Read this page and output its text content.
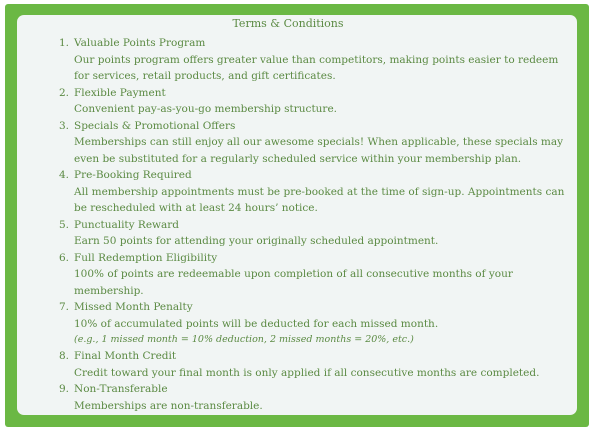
Terms & Conditions
1. Valuable Points Program
Our points program offers greater value than competitors, making points easier to redeem for services, retail products, and gift certificates.
2. Flexible Payment
Convenient pay-as-you-go membership structure.
3. Specials & Promotional Offers
Memberships can still enjoy all our awesome specials! When applicable, these specials may even be substituted for a regularly scheduled service within your membership plan.
4. Pre-Booking Required
All membership appointments must be pre-booked at the time of sign-up. Appointments can be rescheduled with at least 24 hours’ notice.
5. Punctuality Reward
Earn 50 points for attending your originally scheduled appointment.
6. Full Redemption Eligibility
100% of points are redeemable upon completion of all consecutive months of your membership.
7. Missed Month Penalty
10% of accumulated points will be deducted for each missed month.
(e.g., 1 missed month = 10% deduction, 2 missed months = 20%, etc.)
8. Final Month Credit
Credit toward your final month is only applied if all consecutive months are completed.
9. Non-Transferable
Memberships are non-transferable.
